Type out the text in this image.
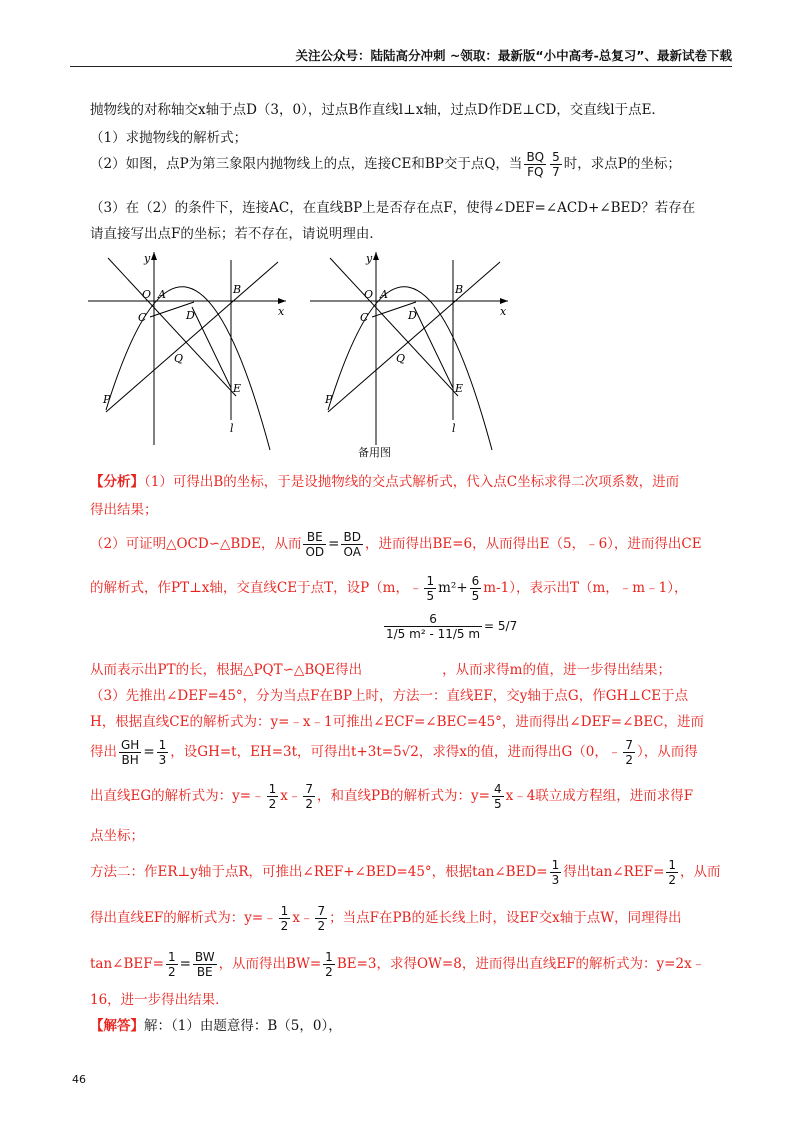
关注公众号：陆陆高分冲刺 ~领取：最新版“小中高考-总复习”、最新试卷下载
抛物线的对称轴交x轴于点D（3，0），过点B作直线l⊥x轴，过点D作DE⊥CD，交直线l于点E．
（1）求抛物线的解析式；
（2）如图，点P为第三象限内抛物线上的点，连接CE和BP交于点Q，当 $\frac{BQ}{FQ} \frac{5}{7}$ 时，求点P的坐标；
（3）在（2）的条件下，连接AC，在直线BP上是否存在点F，使得∠DEF=∠ACD+∠BED？若存在
请直接写出点F的坐标；若不存在，请说明理由．
y
x
O A	B
C	D
Q
E
P
l
y
x
O A	B
C	D
Q
E
P
l
备用图
【分析】（1）可得出B的坐标，于是设抛物线的交点式解析式，代入点C坐标求得二次项系数，进而
得出结果；
（2）可证明△OCD∽△BDE，从而 $\frac{BE}{OD} = \frac{BD}{OA}$ ，进而得出BE=6，从而得出E（5，﹣6），进而得出CE
的解析式，作PT⊥x轴，交直线CE于点T，设P（m，﹣ $\frac{1}{5} m^2+ \frac{6}{5} m-1$），表示出T（m，﹣m﹣1），
$\frac{6}{\text{1/5 m² - 11/5 m}} = 5/7$
从而表示出PT的长，根据△PQT∽△BQE得出	，从而求得m的值，进一步得出结果；
（3）先推出∠DEF=45°，分为当点F在BP上时，方法一：直线EF，交y轴于点G，作GH⊥CE于点
H，根据直线CE的解析式为：y=﹣x﹣1可推出∠ECF=∠BEC=45°，进而得出∠DEF=∠BEC，进而
得出 $\frac{GH}{BH} = \frac{1}{3}$ ，设GH=t，EH=3t，可得出t+3t=5√2，求得x的值，进而得出G（0，﹣ $\frac{7}{2}$ ），从而得
出直线EG的解析式为：y=﹣ $\frac{1}{2}$ x﹣ $\frac{7}{2}$ ，和直线PB的解析式为：$y= \frac{4}{5}$ x﹣4联立成方程组，进而求得F
点坐标；
方法二：作ER⊥y轴于点R，可推出∠REF+∠BED=45°，根据tan∠BED= $\frac{1}{3}$ 得出tan∠REF= $\frac{1}{2}$ ，从而
得出直线EF的解析式为：y=﹣ $\frac{1}{2}$ x﹣ $\frac{7}{2}$ ；当点F在PB的延长线上时，设EF交x轴于点W，同理得出
tan∠BEF= $\frac{1}{2} = \frac{BW}{BE}$ ，从而得出$BW= \frac{1}{2} BE=3$，求得OW=8，进而得出直线EF的解析式为：y=2x﹣
16，进一步得出结果．
【解答】解：（1）由题意得：B（5，0），
46
